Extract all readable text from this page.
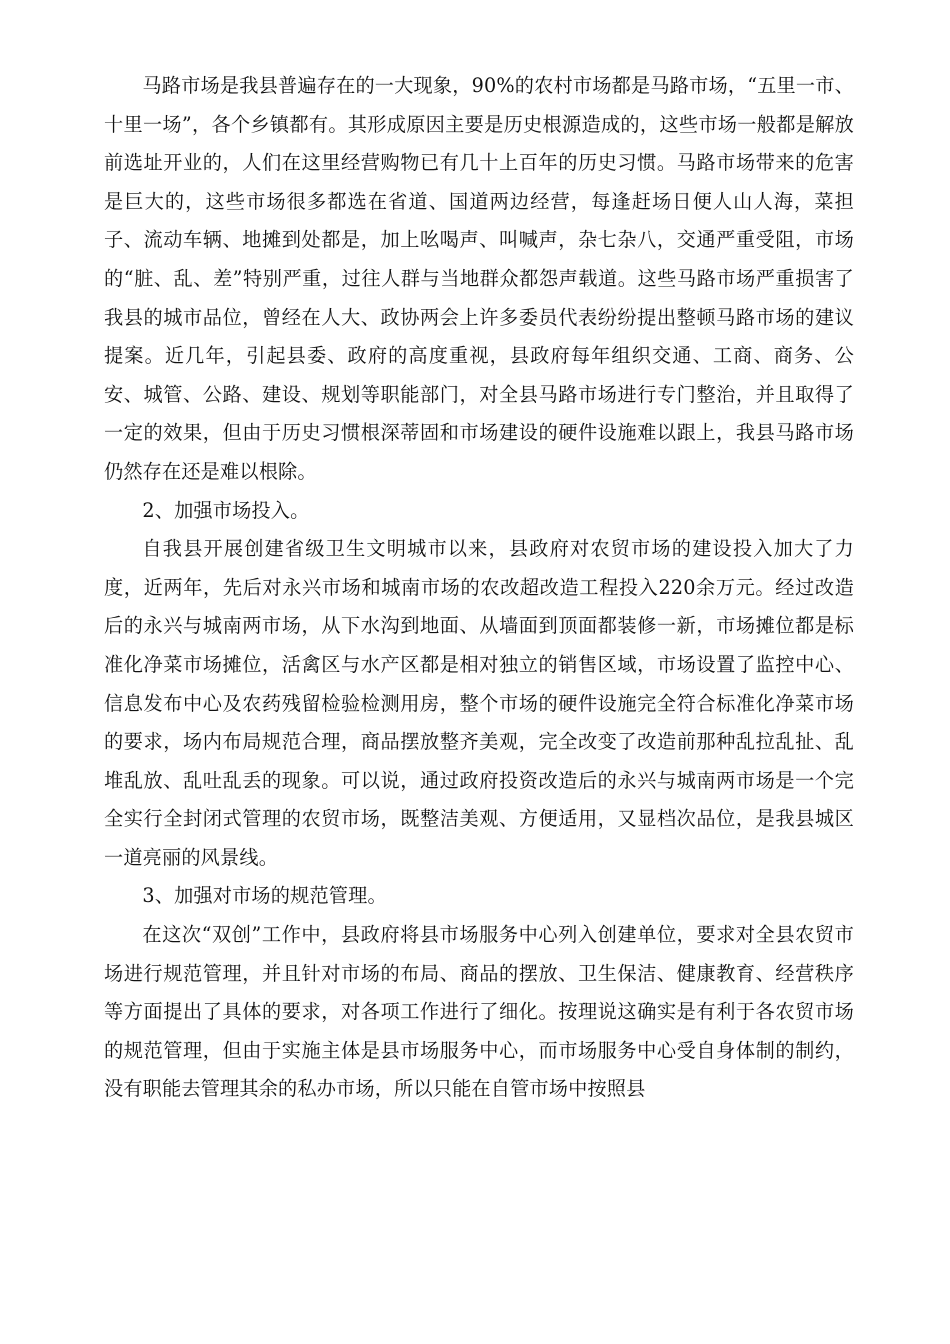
马路市场是我县普遍存在的一大现象，90%的农村市场都是马路市场，“五里一市、十里一场”，各个乡镇都有。其形成原因主要是历史根源造成的，这些市场一般都是解放前选址开业的，人们在这里经营购物已有几十上百年的历史习惯。马路市场带来的危害是巨大的，这些市场很多都选在省道、国道两边经营，每逢赶场日便人山人海，菜担子、流动车辆、地摊到处都是，加上吆喝声、叫喊声，杂七杂八，交通严重受阻，市场的“脏、乱、差”特别严重，过往人群与当地群众都怨声载道。这些马路市场严重损害了我县的城市品位，曾经在人大、政协两会上许多委员代表纷纷提出整顿马路市场的建议提案。近几年，引起县委、政府的高度重视，县政府每年组织交通、工商、商务、公安、城管、公路、建设、规划等职能部门，对全县马路市场进行专门整治，并且取得了一定的效果，但由于历史习惯根深蒂固和市场建设的硬件设施难以跟上，我县马路市场仍然存在还是难以根除。

2、加强市场投入。

自我县开展创建省级卫生文明城市以来，县政府对农贸市场的建设投入加大了力度，近两年，先后对永兴市场和城南市场的农改超改造工程投入220余万元。经过改造后的永兴与城南两市场，从下水沟到地面、从墙面到顶面都装修一新，市场摊位都是标准化净菜市场摊位，活禽区与水产区都是相对独立的销售区域，市场设置了监控中心、信息发布中心及农药残留检验检测用房，整个市场的硬件设施完全符合标准化净菜市场的要求，场内布局规范合理，商品摆放整齐美观，完全改变了改造前那种乱拉乱扯、乱堆乱放、乱吐乱丢的现象。可以说，通过政府投资改造后的永兴与城南两市场是一个完全实行全封闭式管理的农贸市场，既整洁美观、方便适用，又显档次品位，是我县城区一道亮丽的风景线。

3、加强对市场的规范管理。

在这次“双创”工作中，县政府将县市场服务中心列入创建单位，要求对全县农贸市场进行规范管理，并且针对市场的布局、商品的摆放、卫生保洁、健康教育、经营秩序等方面提出了具体的要求，对各项工作进行了细化。按理说这确实是有利于各农贸市场的规范管理，但由于实施主体是县市场服务中心，而市场服务中心受自身体制的制约，没有职能去管理其余的私办市场，所以只能在自管市场中按照县
